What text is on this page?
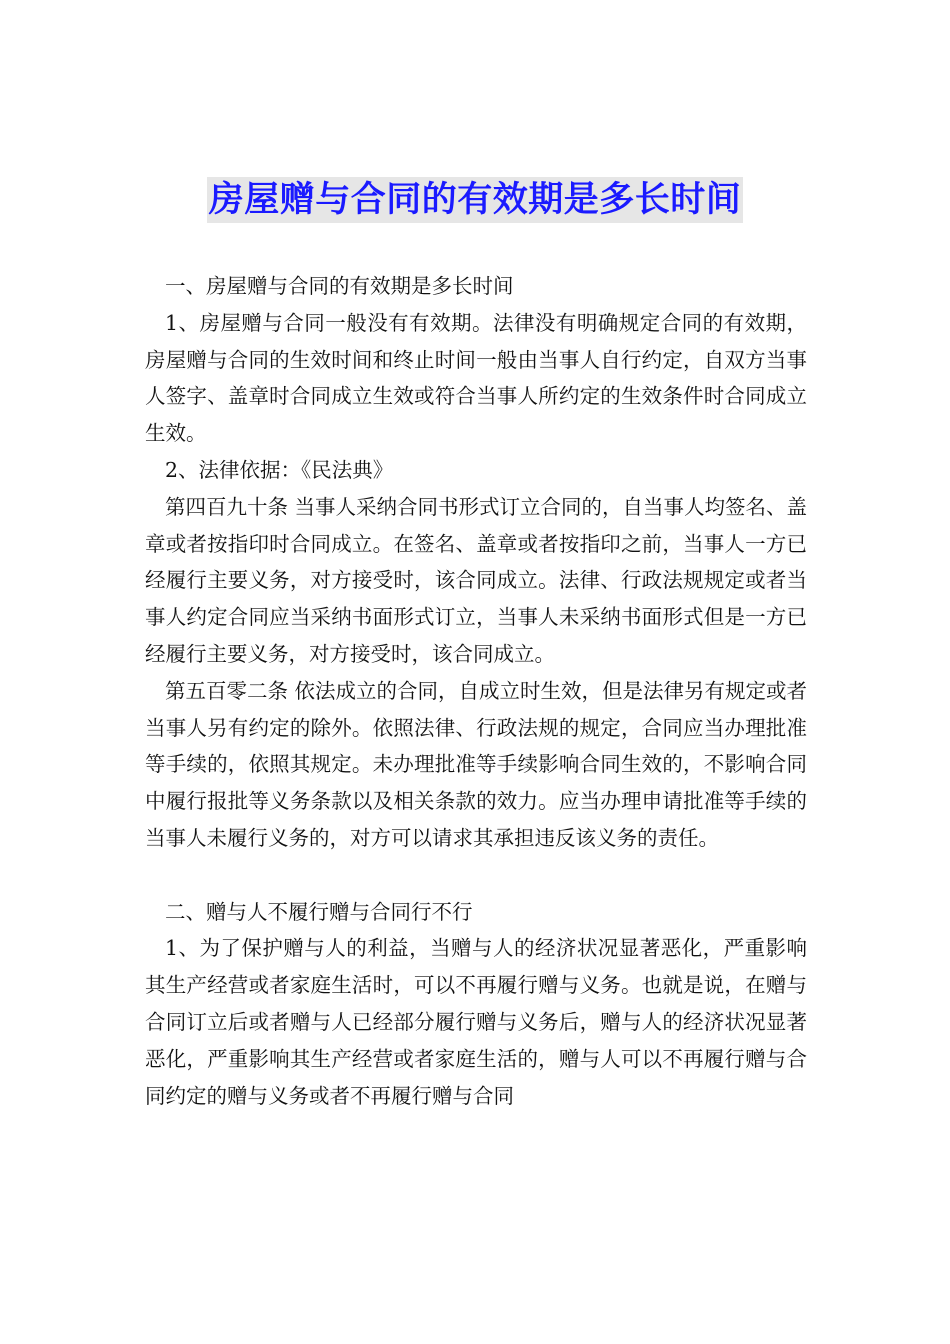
房屋赠与合同的有效期是多长时间

一、房屋赠与合同的有效期是多长时间

1、房屋赠与合同一般没有有效期。法律没有明确规定合同的有效期，房屋赠与合同的生效时间和终止时间一般由当事人自行约定，自双方当事人签字、盖章时合同成立生效或符合当事人所约定的生效条件时合同成立生效。

2、法律依据：《民法典》

第四百九十条 当事人采纳合同书形式订立合同的，自当事人均签名、盖章或者按指印时合同成立。在签名、盖章或者按指印之前，当事人一方已经履行主要义务，对方接受时，该合同成立。法律、行政法规规定或者当事人约定合同应当采纳书面形式订立，当事人未采纳书面形式但是一方已经履行主要义务，对方接受时，该合同成立。

第五百零二条 依法成立的合同，自成立时生效，但是法律另有规定或者当事人另有约定的除外。依照法律、行政法规的规定，合同应当办理批准等手续的，依照其规定。未办理批准等手续影响合同生效的，不影响合同中履行报批等义务条款以及相关条款的效力。应当办理申请批准等手续的当事人未履行义务的，对方可以请求其承担违反该义务的责任。

二、赠与人不履行赠与合同行不行

1、为了保护赠与人的利益，当赠与人的经济状况显著恶化，严重影响其生产经营或者家庭生活时，可以不再履行赠与义务。也就是说，在赠与合同订立后或者赠与人已经部分履行赠与义务后，赠与人的经济状况显著恶化，严重影响其生产经营或者家庭生活的，赠与人可以不再履行赠与合同约定的赠与义务或者不再履行赠与合同
